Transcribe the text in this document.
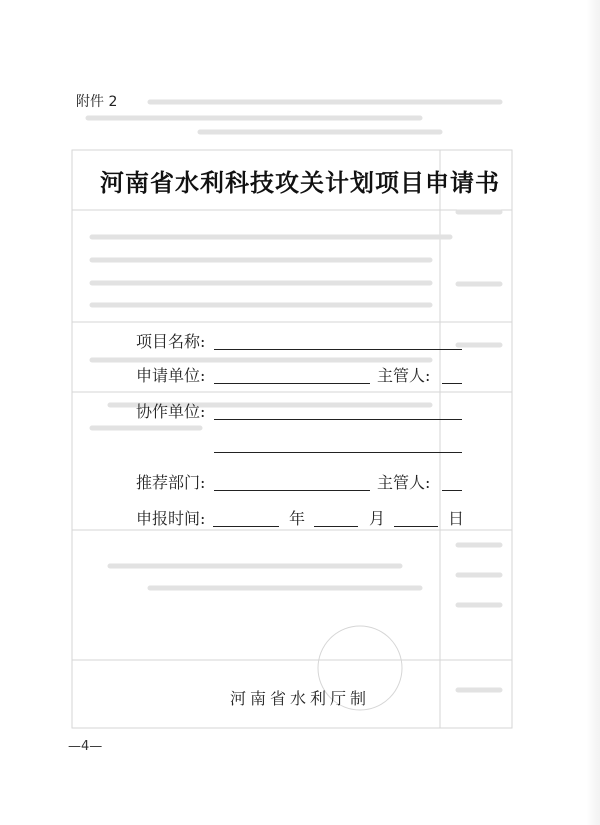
附件 2
河南省水利科技攻关计划项目申请书
项目名称:
申请单位:	主管人:
协作单位:
推荐部门:	主管人:
申报时间:	年	月	日
河南省水利厅制
—4—
